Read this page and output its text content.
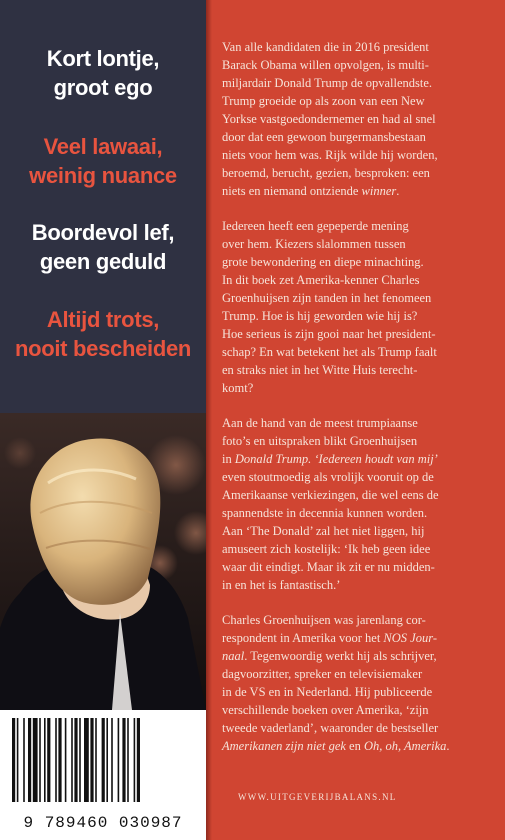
Kort lontje,
groot ego
Veel lawaai,
weinig nuance
Boordevol lef,
geen geduld
Altijd trots,
nooit bescheiden
9 789460 030987

Van alle kandidaten die in 2016 president
Barack Obama willen opvolgen, is multi-
miljardair Donald Trump de opvallendste.
Trump groeide op als zoon van een New
Yorkse vastgoedondernemer en had al snel
door dat een gewoon burgermansbestaan
niets voor hem was. Rijk wilde hij worden,
beroemd, berucht, gezien, besproken: een
niets en niemand ontziende winner.

Iedereen heeft een gepeperde mening
over hem. Kiezers slalommen tussen
grote bewondering en diepe minachting.
In dit boek zet Amerika-kenner Charles
Groenhuijsen zijn tanden in het fenomeen
Trump. Hoe is hij geworden wie hij is?
Hoe serieus is zijn gooi naar het president-
schap? En wat betekent het als Trump faalt
en straks niet in het Witte Huis terecht-
komt?

Aan de hand van de meest trumpiaanse
foto’s en uitspraken blikt Groenhuijsen
in Donald Trump. ‘Iedereen houdt van mij’
even stoutmoedig als vrolijk vooruit op de
Amerikaanse verkiezingen, die wel eens de
spannendste in decennia kunnen worden.
Aan ‘The Donald’ zal het niet liggen, hij
amuseert zich kostelijk: ‘Ik heb geen idee
waar dit eindigt. Maar ik zit er nu midden-
in en het is fantastisch.’

Charles Groenhuijsen was jarenlang cor-
respondent in Amerika voor het NOS Jour-
naal. Tegenwoordig werkt hij als schrijver,
dagvoorzitter, spreker en televisiemaker
in de VS en in Nederland. Hij publiceerde
verschillende boeken over Amerika, ‘zijn
tweede vaderland’, waaronder de bestseller
Amerikanen zijn niet gek en Oh, oh, Amerika.

WWW.UITGEVERIJBALANS.NL
